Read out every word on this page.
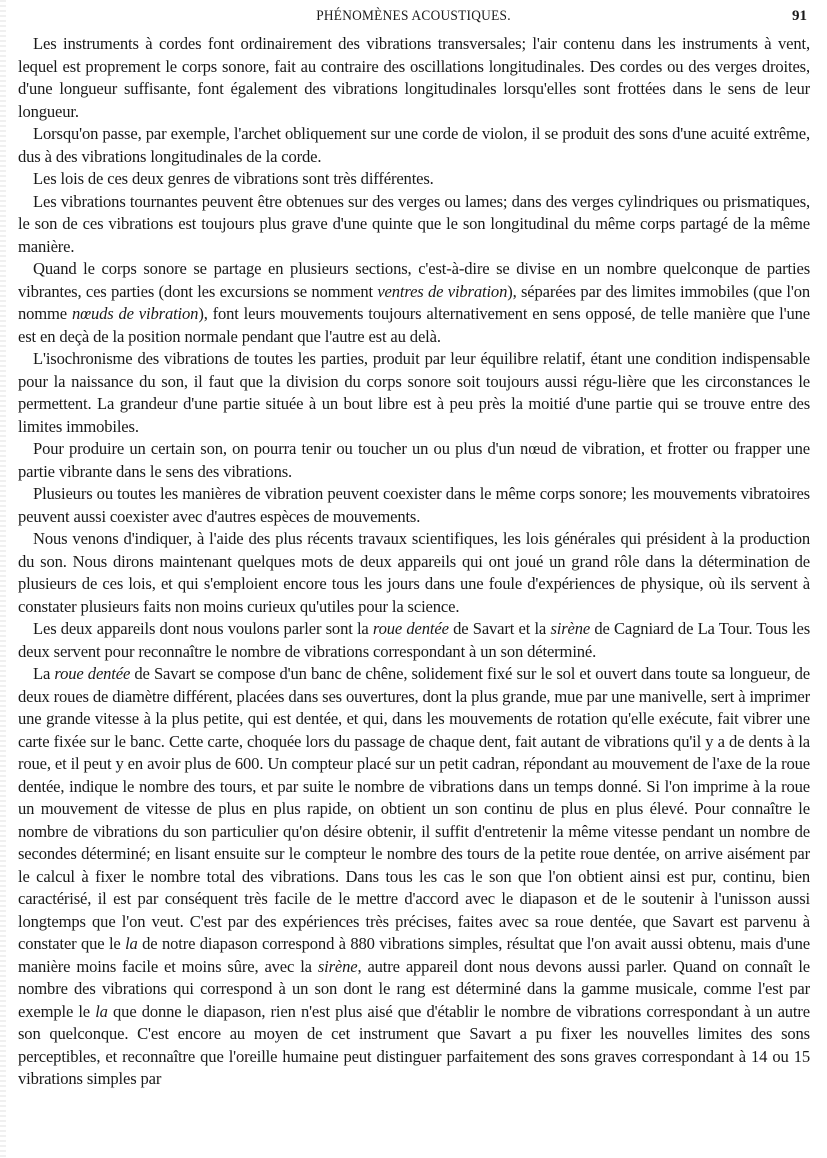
PHÉNOMÈNES ACOUSTIQUES.	91

Les instruments à cordes font ordinairement des vibrations transversales; l'air contenu dans les instruments à vent, lequel est proprement le corps sonore, fait au contraire des oscillations longitudinales. Des cordes ou des verges droites, d'une longueur suffisante, font également des vibrations longitudinales lorsqu'elles sont frottées dans le sens de leur longueur.

Lorsqu'on passe, par exemple, l'archet obliquement sur une corde de violon, il se produit des sons d'une acuité extrême, dus à des vibrations longitudinales de la corde.

Les lois de ces deux genres de vibrations sont très différentes.

Les vibrations tournantes peuvent être obtenues sur des verges ou lames; dans des verges cylindriques ou prismatiques, le son de ces vibrations est toujours plus grave d'une quinte que le son longitudinal du même corps partagé de la même manière.

Quand le corps sonore se partage en plusieurs sections, c'est-à-dire se divise en un nombre quelconque de parties vibrantes, ces parties (dont les excursions se nomment ventres de vibration), séparées par des limites immobiles (que l'on nomme nœuds de vibration), font leurs mouvements toujours alternativement en sens opposé, de telle manière que l'une est en deçà de la position normale pendant que l'autre est au delà.

L'isochronisme des vibrations de toutes les parties, produit par leur équilibre relatif, étant une condition indispensable pour la naissance du son, il faut que la division du corps sonore soit toujours aussi régu-lière que les circonstances le permettent. La grandeur d'une partie située à un bout libre est à peu près la moitié d'une partie qui se trouve entre des limites immobiles.

Pour produire un certain son, on pourra tenir ou toucher un ou plus d'un nœud de vibration, et frotter ou frapper une partie vibrante dans le sens des vibrations.

Plusieurs ou toutes les manières de vibration peuvent coexister dans le même corps sonore; les mouvements vibratoires peuvent aussi coexister avec d'autres espèces de mouvements.

Nous venons d'indiquer, à l'aide des plus récents travaux scientifiques, les lois générales qui président à la production du son. Nous dirons maintenant quelques mots de deux appareils qui ont joué un grand rôle dans la détermination de plusieurs de ces lois, et qui s'emploient encore tous les jours dans une foule d'expériences de physique, où ils servent à constater plusieurs faits non moins curieux qu'utiles pour la science.

Les deux appareils dont nous voulons parler sont la roue dentée de Savart et la sirène de Cagniard de La Tour. Tous les deux servent pour reconnaître le nombre de vibrations correspondant à un son déterminé.

La roue dentée de Savart se compose d'un banc de chêne, solidement fixé sur le sol et ouvert dans toute sa longueur, de deux roues de diamètre différent, placées dans ses ouvertures, dont la plus grande, mue par une manivelle, sert à imprimer une grande vitesse à la plus petite, qui est dentée, et qui, dans les mouvements de rotation qu'elle exécute, fait vibrer une carte fixée sur le banc. Cette carte, choquée lors du passage de chaque dent, fait autant de vibrations qu'il y a de dents à la roue, et il peut y en avoir plus de 600. Un compteur placé sur un petit cadran, répondant au mouvement de l'axe de la roue dentée, indique le nombre des tours, et par suite le nombre de vibrations dans un temps donné. Si l'on imprime à la roue un mouvement de vitesse de plus en plus rapide, on obtient un son continu de plus en plus élevé. Pour connaître le nombre de vibrations du son particulier qu'on désire obtenir, il suffit d'entretenir la même vitesse pendant un nombre de secondes déterminé; en lisant ensuite sur le compteur le nombre des tours de la petite roue dentée, on arrive aisément par le calcul à fixer le nombre total des vibrations. Dans tous les cas le son que l'on obtient ainsi est pur, continu, bien caractérisé, il est par conséquent très facile de le mettre d'accord avec le diapason et de le soutenir à l'unisson aussi longtemps que l'on veut. C'est par des expériences très précises, faites avec sa roue dentée, que Savart est parvenu à constater que le la de notre diapason correspond à 880 vibrations simples, résultat que l'on avait aussi obtenu, mais d'une manière moins facile et moins sûre, avec la sirène, autre appareil dont nous devons aussi parler. Quand on connaît le nombre des vibrations qui correspond à un son dont le rang est déterminé dans la gamme musicale, comme l'est par exemple le la que donne le diapason, rien n'est plus aisé que d'établir le nombre de vibrations correspondant à un autre son quelconque. C'est encore au moyen de cet instrument que Savart a pu fixer les nouvelles limites des sons perceptibles, et reconnaître que l'oreille humaine peut distinguer parfaitement des sons graves correspondant à 14 ou 15 vibrations simples par
